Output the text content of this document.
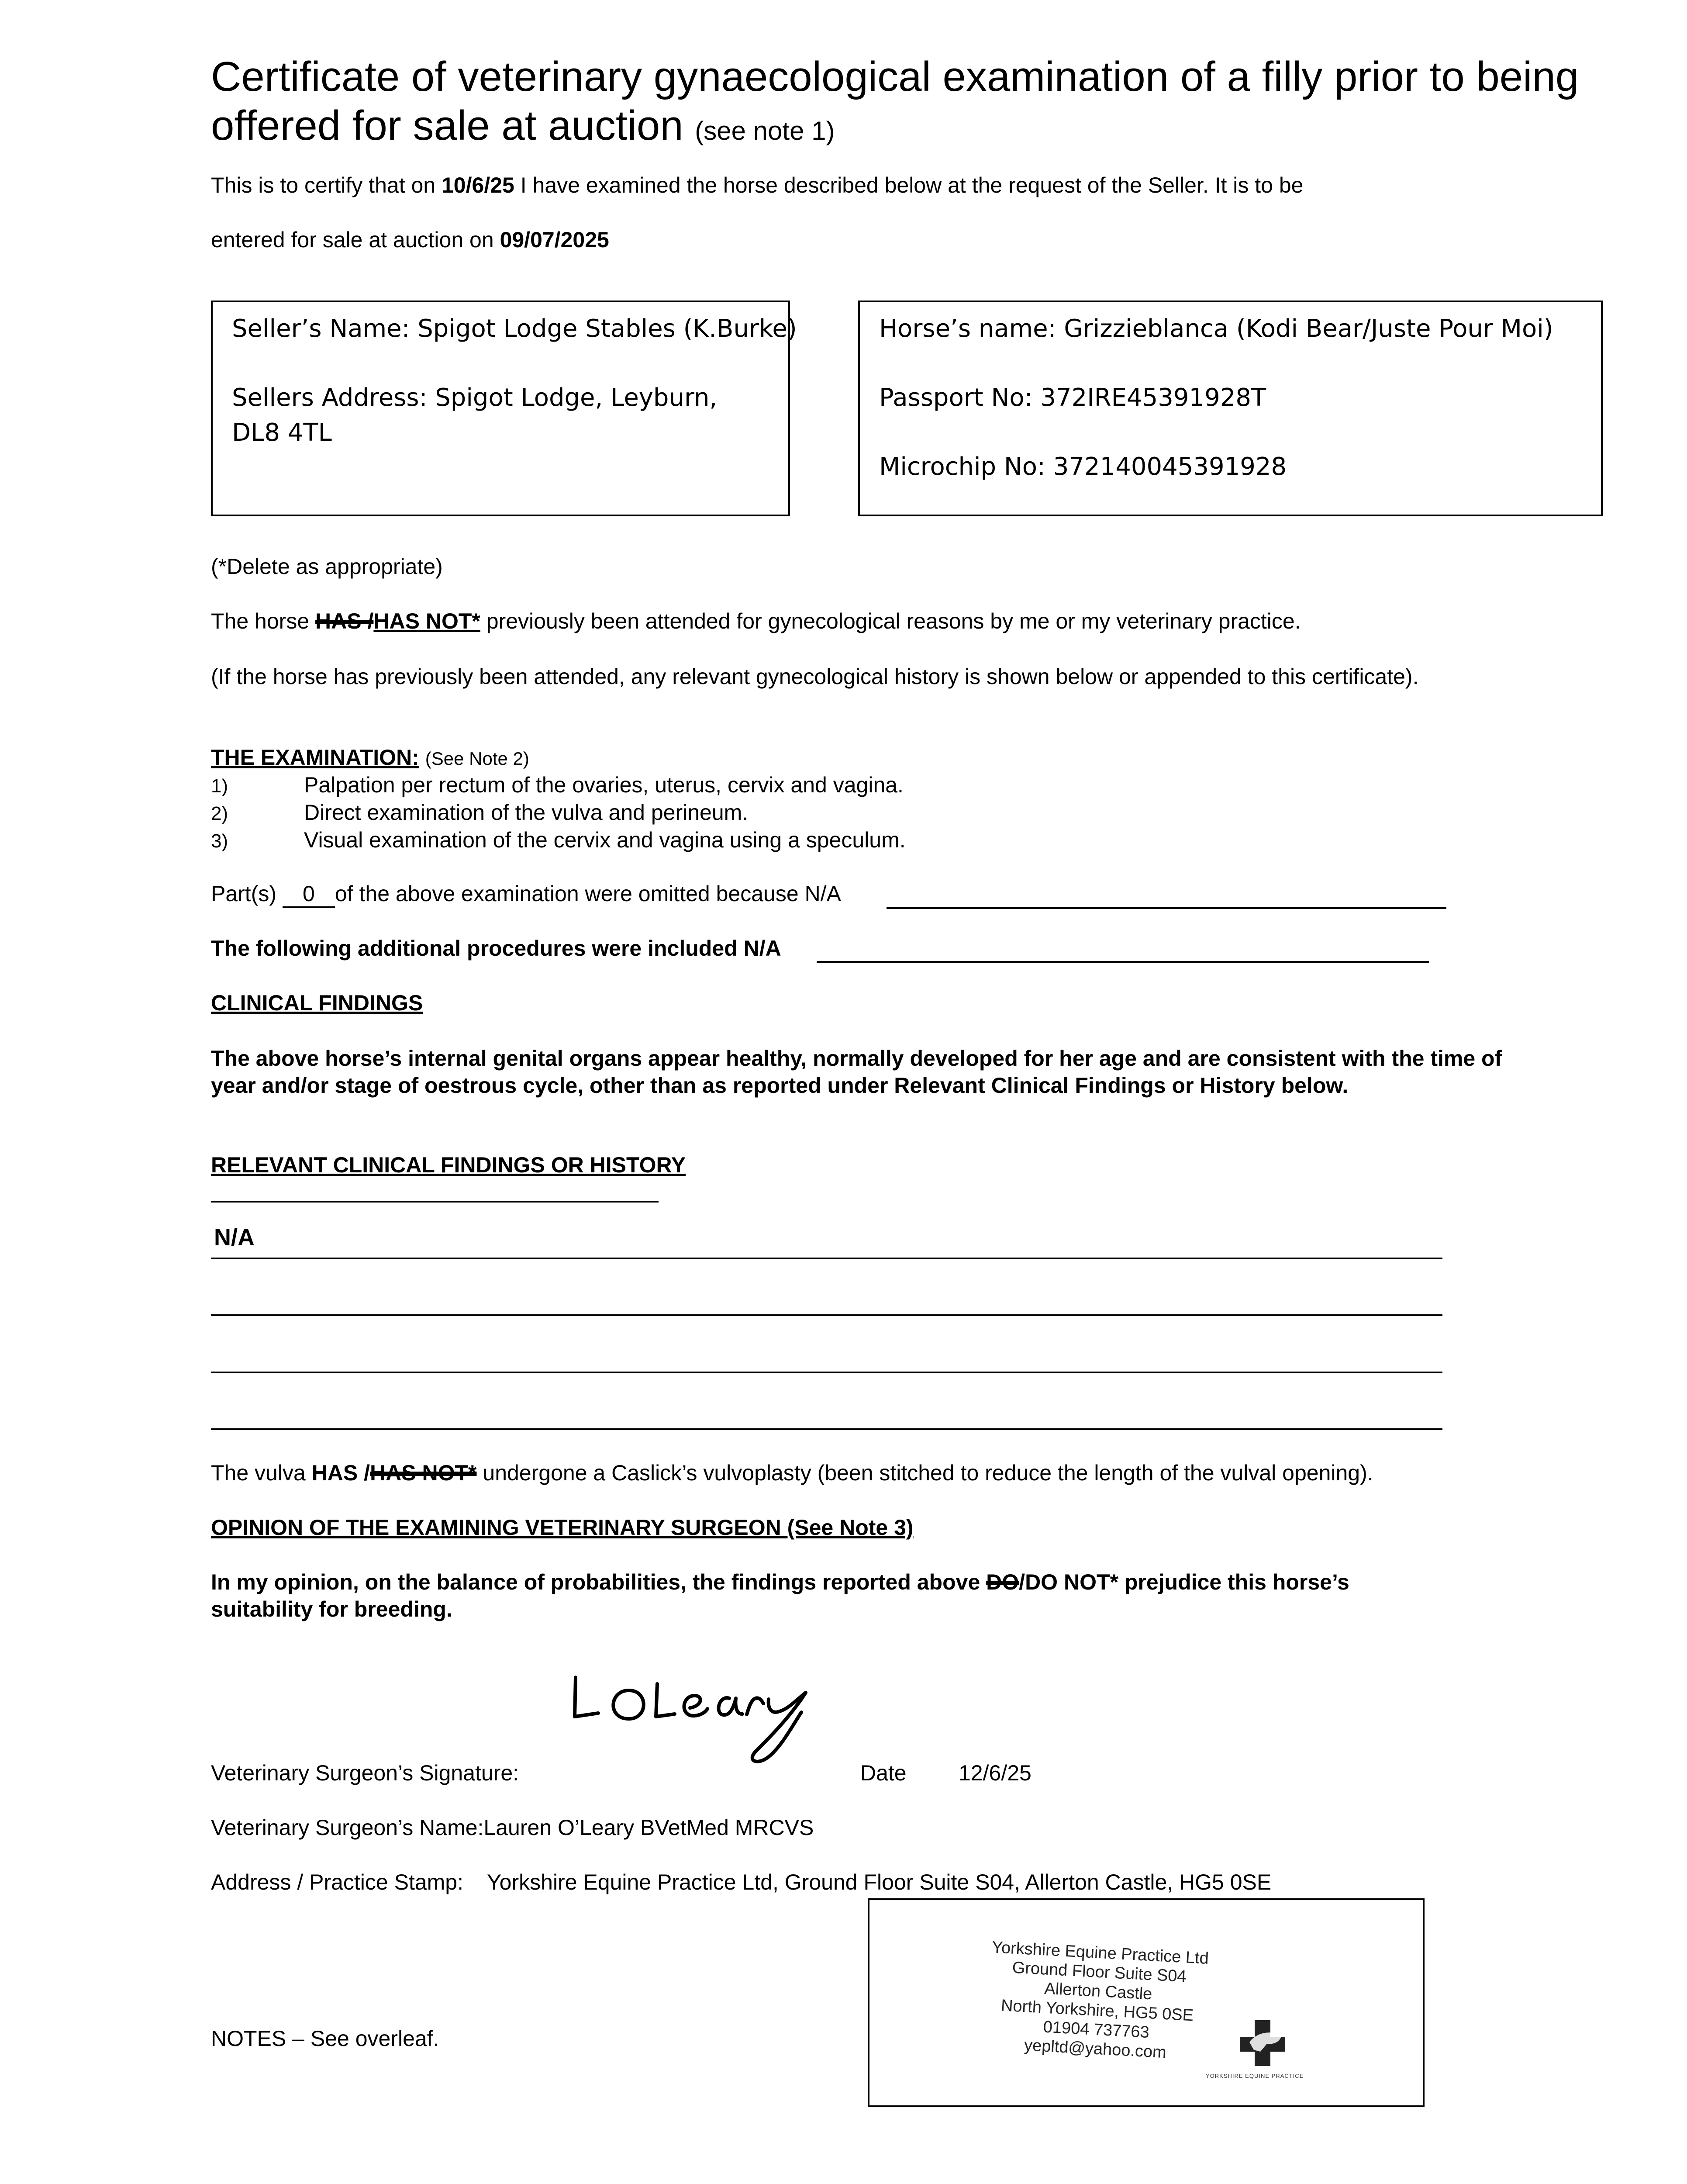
Certificate of veterinary gynaecological examination of a filly prior to being offered for sale at auction (see note 1)
This is to certify that on 10/6/25 I have examined the horse described below at the request of the Seller. It is to be
entered for sale at auction on 09/07/2025
Seller’s Name: Spigot Lodge Stables (K.Burke)
Sellers Address: Spigot Lodge, Leyburn,
DL8 4TL
Horse’s name: Grizzieblanca (Kodi Bear/Juste Pour Moi)
Passport No: 372IRE45391928T
Microchip No: 372140045391928
(*Delete as appropriate)
The horse HAS /HAS NOT* previously been attended for gynecological reasons by me or my veterinary practice.
(If the horse has previously been attended, any relevant gynecological history is shown below or appended to this certificate).
THE EXAMINATION: (See Note 2)
1)	Palpation per rectum of the ovaries, uterus, cervix and vagina.
2)	Direct examination of the vulva and perineum.
3)	Visual examination of the cervix and vagina using a speculum.
Part(s) 0 of the above examination were omitted because N/A
The following additional procedures were included N/A
CLINICAL FINDINGS
The above horse’s internal genital organs appear healthy, normally developed for her age and are consistent with the time of year and/or stage of oestrous cycle, other than as reported under Relevant Clinical Findings or History below.
RELEVANT CLINICAL FINDINGS OR HISTORY
N/A
The vulva HAS /HAS NOT* undergone a Caslick’s vulvoplasty (been stitched to reduce the length of the vulval opening).
OPINION OF THE EXAMINING VETERINARY SURGEON (See Note 3)
In my opinion, on the balance of probabilities, the findings reported above DO/DO NOT* prejudice this horse’s
suitability for breeding.
Veterinary Surgeon’s Signature:	Date 12/6/25
Veterinary Surgeon’s Name:Lauren O’Leary BVetMed MRCVS
Address / Practice Stamp: Yorkshire Equine Practice Ltd, Ground Floor Suite S04, Allerton Castle, HG5 0SE
NOTES – See overleaf.
Yorkshire Equine Practice Ltd
Ground Floor Suite S04
Allerton Castle
North Yorkshire, HG5 0SE
01904 737763
yepltd@yahoo.com
YORKSHIRE EQUINE PRACTICE
